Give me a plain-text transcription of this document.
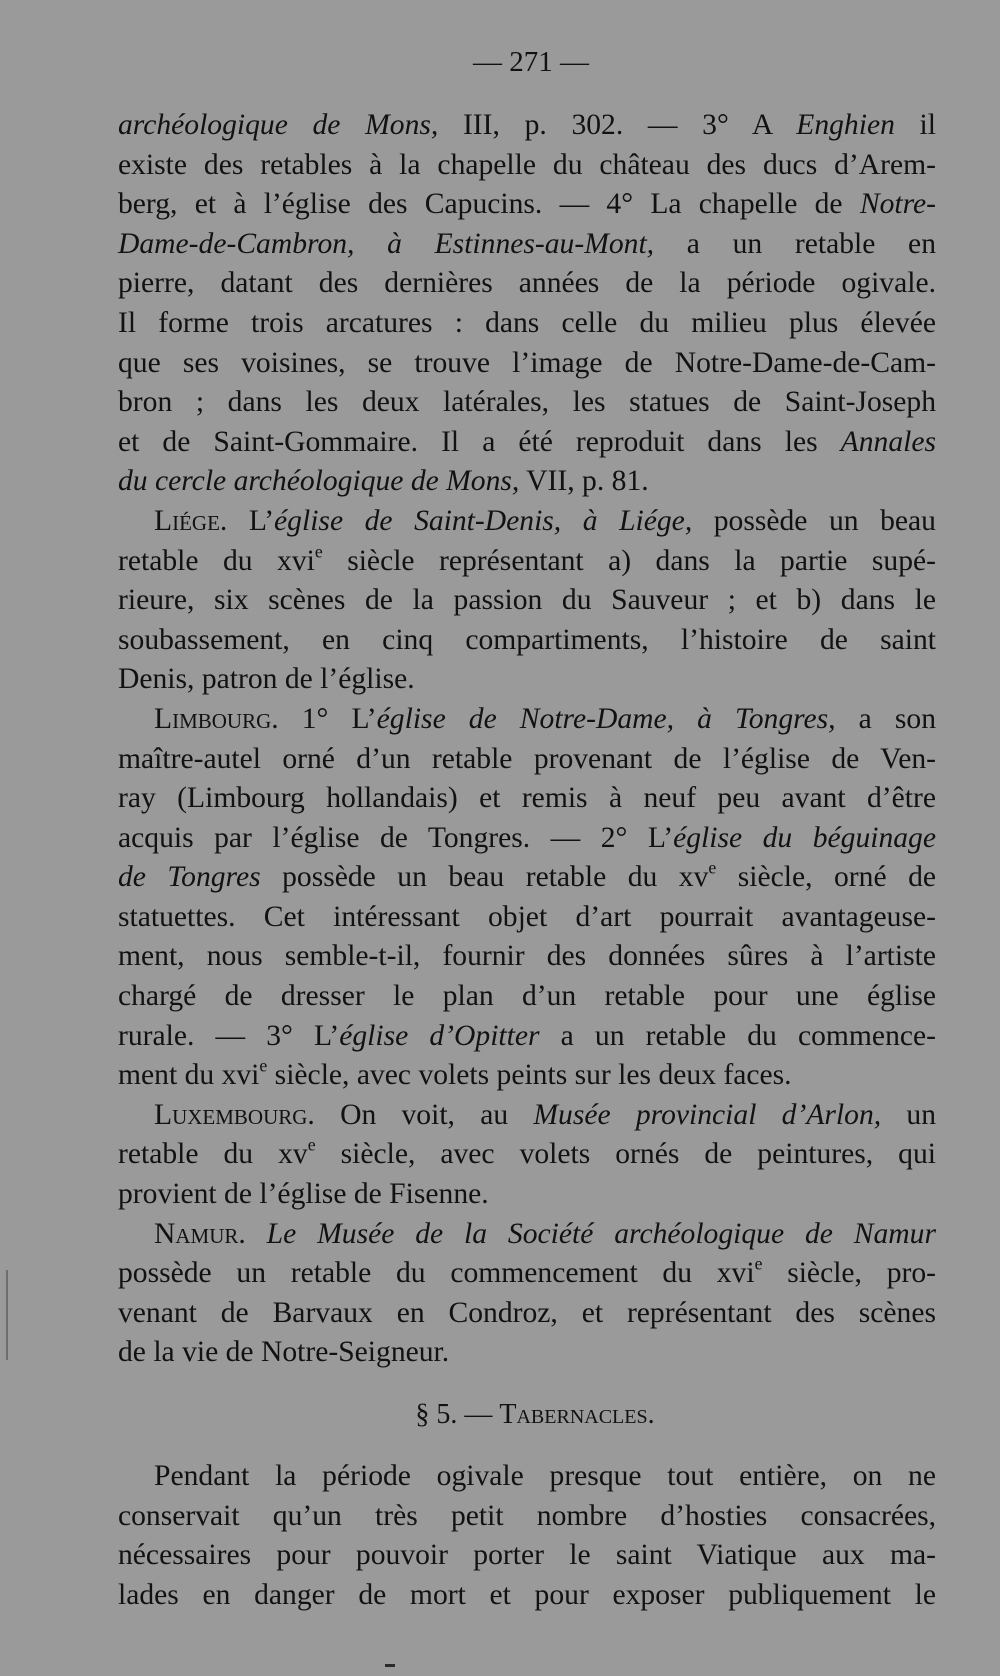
— 271 —
archéologique de Mons, III, p. 302. — 3° A Enghien il
existe des retables à la chapelle du château des ducs d’Arem-
berg, et à l’église des Capucins. — 4° La chapelle de Notre-
Dame-de-Cambron, à Estinnes-au-Mont, a un retable en
pierre, datant des dernières années de la période ogivale.
Il forme trois arcatures : dans celle du milieu plus élevée
que ses voisines, se trouve l’image de Notre-Dame-de-Cam-
bron ; dans les deux latérales, les statues de Saint-Joseph
et de Saint-Gommaire. Il a été reproduit dans les Annales
du cercle archéologique de Mons, VII, p. 81.
Liége. L’église de Saint-Denis, à Liége, possède un beau
retable du xvi$^e$ siècle représentant a) dans la partie supé-
rieure, six scènes de la passion du Sauveur ; et b) dans le
soubassement, en cinq compartiments, l’histoire de saint
Denis, patron de l’église.
Limbourg. 1° L’église de Notre-Dame, à Tongres, a son
maître-autel orné d’un retable provenant de l’église de Ven-
ray (Limbourg hollandais) et remis à neuf peu avant d’être
acquis par l’église de Tongres. — 2° L’église du béguinage
de Tongres possède un beau retable du $xv^e$ siècle, orné de
statuettes. Cet intéressant objet d’art pourrait avantageuse-
ment, nous semble-t-il, fournir des données sûres à l’artiste
chargé de dresser le plan d’un retable pour une église
rurale. — 3° L’église d’Opitter a un retable du commence-
ment du xvi$^e$ siècle, avec volets peints sur les deux faces.
Luxembourg. On voit, au Musée provincial d’Arlon, un
retable du $xv^e$ siècle, avec volets ornés de peintures, qui
provient de l’église de Fisenne.
Namur. Le Musée de la Société archéologique de Namur
possède un retable du commencement du xvi$^e$ siècle, pro-
venant de Barvaux en Condroz, et représentant des scènes
de la vie de Notre-Seigneur.
§ 5. — Tabernacles.
Pendant la période ogivale presque tout entière, on ne
conservait qu’un très petit nombre d’hosties consacrées,
nécessaires pour pouvoir porter le saint Viatique aux ma-
lades en danger de mort et pour exposer publiquement le
